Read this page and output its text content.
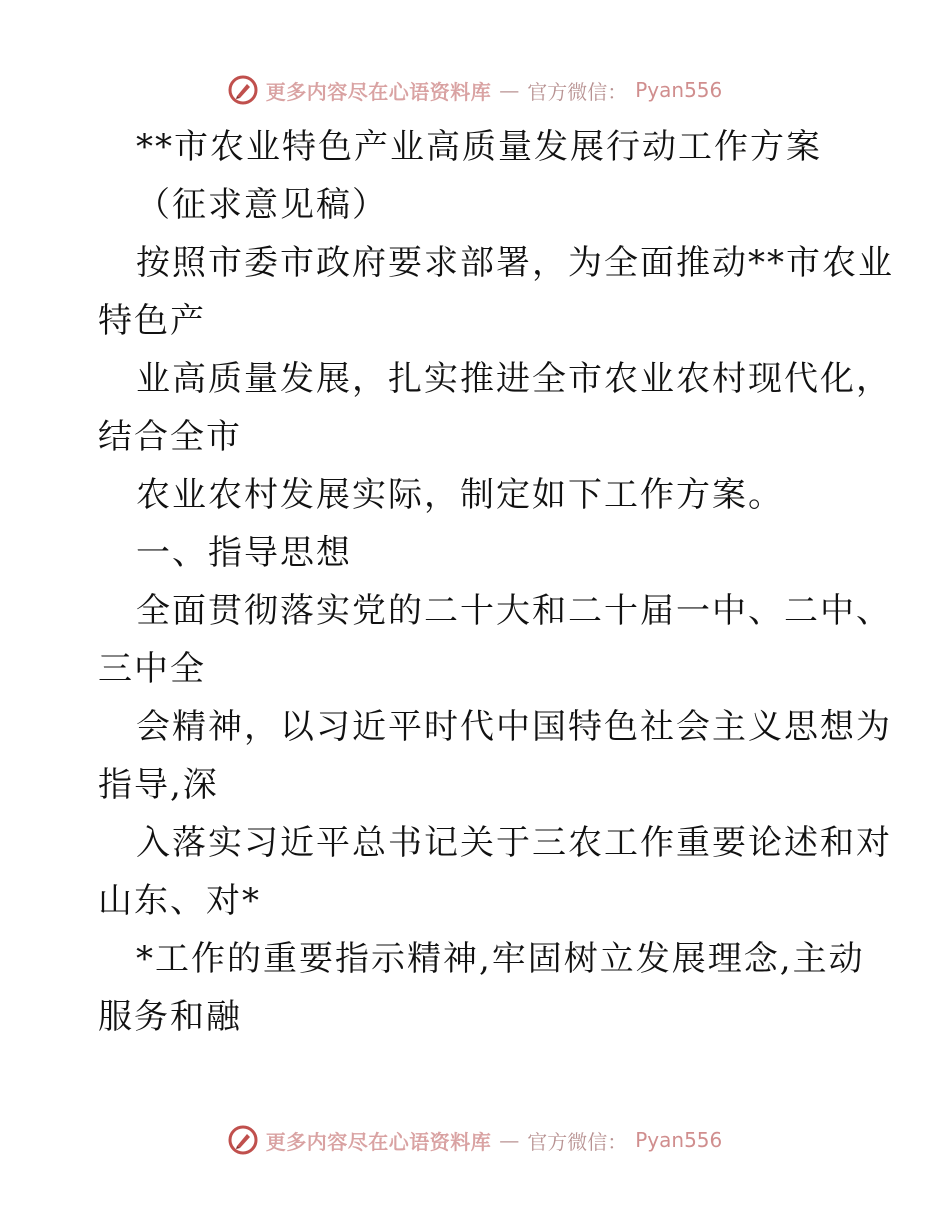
更多内容尽在心语资料库 — 官方微信： Pyan556
**市农业特色产业高质量发展行动工作方案
（征求意见稿）
按照市委市政府要求部署，为全面推动**市农业
特色产
业高质量发展，扎实推进全市农业农村现代化，
结合全市
农业农村发展实际，制定如下工作方案。
一、指导思想
全面贯彻落实党的二十大和二十届一中、二中、
三中全
会精神，以习近平时代中国特色社会主义思想为
指导,深
入落实习近平总书记关于三农工作重要论述和对
山东、对*
*工作的重要指示精神,牢固树立发展理念,主动
服务和融
更多内容尽在心语资料库 — 官方微信： Pyan556
